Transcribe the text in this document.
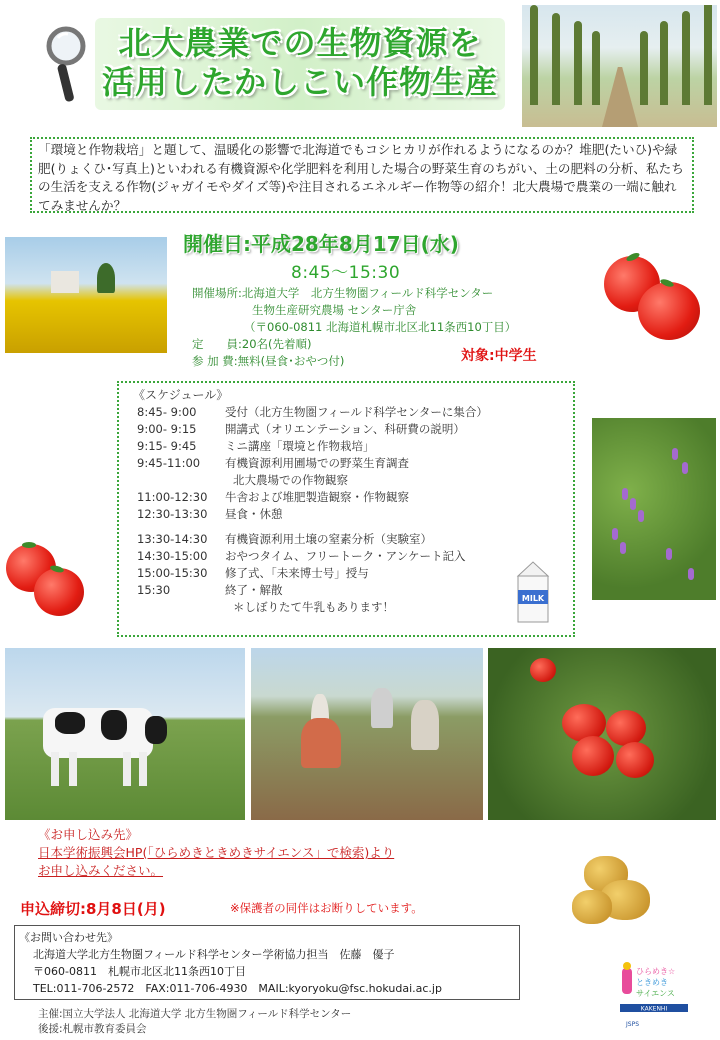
北大農業での生物資源を
活用したかしこい作物生産
「環境と作物栽培」と題して、温暖化の影響で北海道でもコシヒカリが作れるようになるのか？堆肥(たいひ)や緑肥(りょくひ･写真上)といわれる有機資源や化学肥料を利用した場合の野菜生育のちがい、土の肥料の分析、私たちの生活を支える作物(ジャガイモやダイズ等)や注目されるエネルギー作物等の紹介！北大農場で農業の一端に触れてみませんか？
開催日:平成28年8月17日(水)
8:45～15:30
開催場所:北海道大学　北方生物圏フィールド科学センター
生物生産研究農場 センター庁舎
（〒060-0811 北海道札幌市北区北11条西10丁目）
定　　員:20名(先着順)
参 加 費:無料(昼食･おやつ付)	対象:中学生
《スケジュール》
8:45- 9:00 受付（北方生物圏フィールド科学センターに集合）
9:00- 9:15 開講式（オリエンテーション、科研費の説明）
9:15- 9:45 ミニ講座「環境と作物栽培」
9:45-11:00 有機資源利用圃場での野菜生育調査
北大農場での作物観察
11:00-12:30 牛舎および堆肥製造観察・作物観察
12:30-13:30 昼食・休憩
13:30-14:30 有機資源利用土壌の窒素分析（実験室）
14:30-15:00 おやつタイム、フリートーク・アンケート記入
15:00-15:30 修了式、「未来博士号」授与
15:30	終了・解散
＊しぼりたて牛乳もあります！
MILK
《お申し込み先》
日本学術振興会HP(「ひらめきときめきサイエンス」で検索)より
お申し込みください。
申込締切:8月8日(月)	※保護者の同伴はお断りしています。
《お問い合わせ先》
北海道大学北方生物圏フィールド科学センター学術協力担当　佐藤　優子
〒060-0811　札幌市北区北11条西10丁目
TEL:011-706-2572　FAX:011-706-4930　MAIL:kyoryoku@fsc.hokudai.ac.jp
主催:国立大学法人 北海道大学 北方生物圏フィールド科学センター
後援:札幌市教育委員会
ひらめき☆
ときめき
サイエンス
KAKENHI
JSPS
